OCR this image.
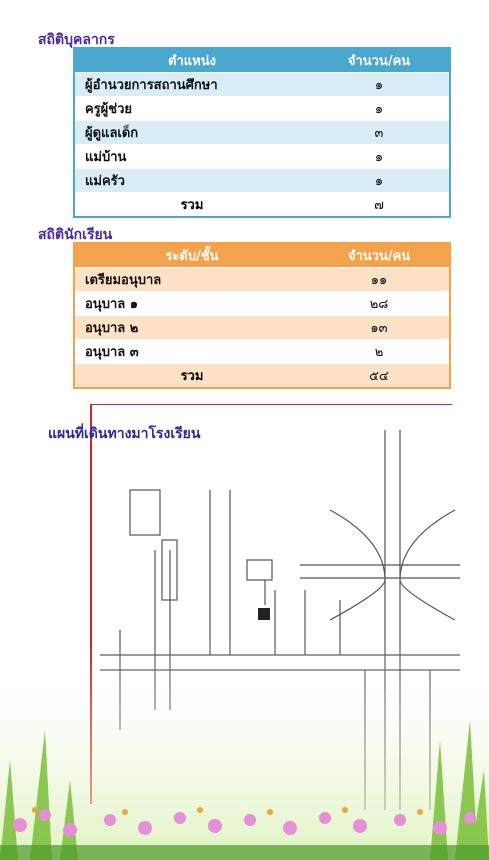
สถิติบุคลากร
ตำแหน่ง	จำนวน/คน
ผู้อำนวยการสถานศึกษา	๑
ครูผู้ช่วย	๑
ผู้ดูแลเด็ก	๓
แม่บ้าน	๑
แม่ครัว	๑
รวม	๗
สถิตินักเรียน
ระดับ/ชั้น	จำนวน/คน
เตรียมอนุบาล	๑๑
อนุบาล ๑	๒๘
อนุบาล ๒	๑๓
อนุบาล ๓	๒
รวม	๕๔
แผนที่เดินทางมาโรงเรียน
